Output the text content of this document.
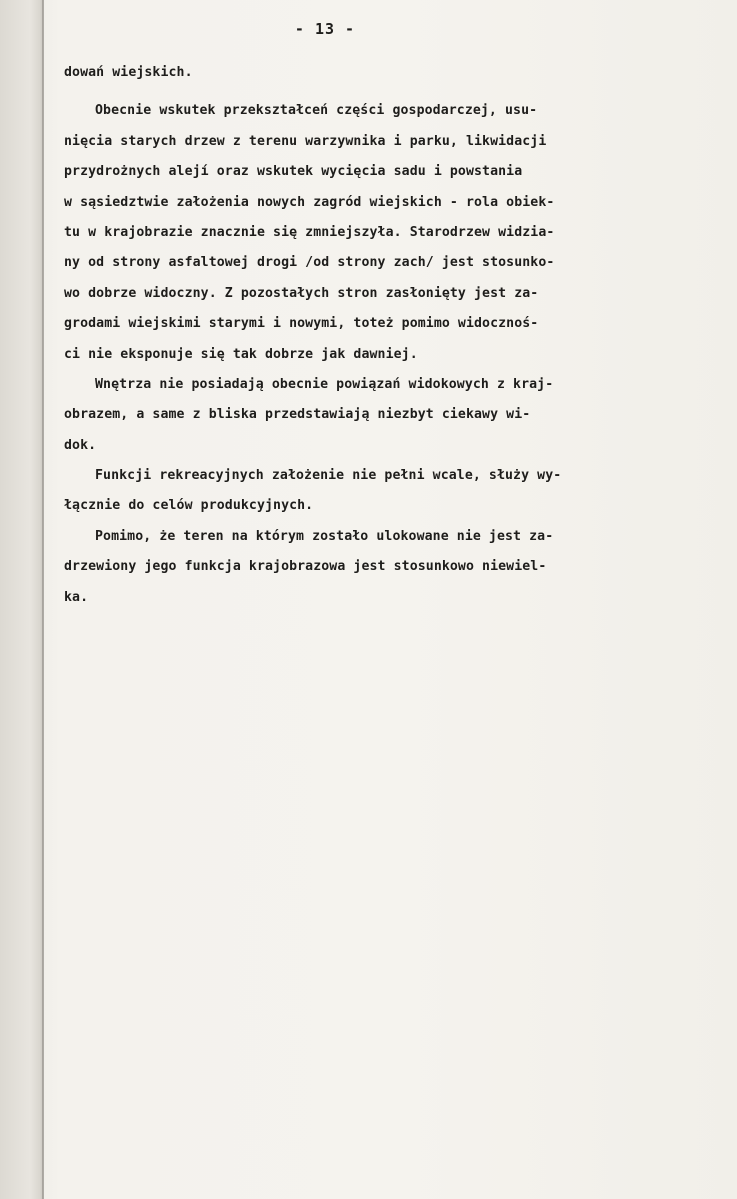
- 13 -
dowań wiejskich.
Obecnie wskutek przekształceń części gospodarczej, usu-
nięcia starych drzew z terenu warzywnika i parku, likwidacji
przydrożnych alejí oraz wskutek wycięcia sadu i powstania
w sąsiedztwie założenia nowych zagród wiejskich - rola obiek-
tu w krajobrazie znacznie się zmniejszyła. Starodrzew widzia-
ny od strony asfaltowej drogi /od strony zach/ jest stosunko-
wo dobrze widoczny. Z pozostałych stron zasłonięty jest za-
grodami wiejskimi starymi i nowymi, toteż pomimo widocznoś-
ci nie eksponuje się tak dobrze jak dawniej.
Wnętrza nie posiadają obecnie powiązań widokowych z kraj-
obrazem, a same z bliska przedstawiają niezbyt ciekawy wi-
dok.
Funkcji rekreacyjnych założenie nie pełni wcale, służy wy-
łącznie do celów produkcyjnych.
Pomimo, że teren na którym zostało ulokowane nie jest za-
drzewiony jego funkcja krajobrazowa jest stosunkowo niewiel-
ka.
